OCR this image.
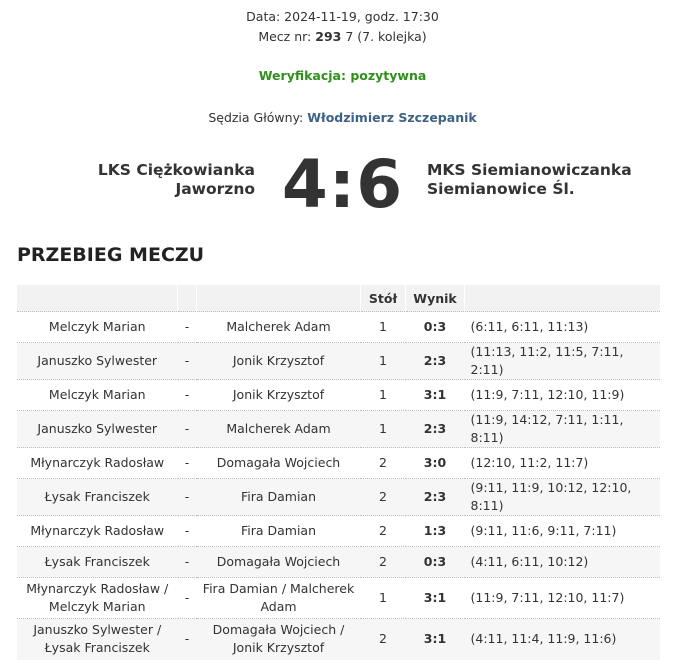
Data: 2024-11-19, godz. 17:30
Mecz nr: 293 7 (7. kolejka)
Weryfikacja: pozytywna
Sędzia Główny: Włodzimierz Szczepanik
LKS Ciężkowianka
Jaworzno 4:6	MKS Siemianowiczanka
Siemianowice Śl.
PRZEBIEG MECZU
			Stół	Wynik	
Melczyk Marian	-	Malcherek Adam	1	0:3	(6:11, 6:11, 11:13)
Januszko Sylwester	-	Jonik Krzysztof	1	2:3	(11:13, 11:2, 11:5, 7:11, 2:11)
Melczyk Marian	-	Jonik Krzysztof	1	3:1	(11:9, 7:11, 12:10, 11:9)
Januszko Sylwester	-	Malcherek Adam	1	2:3	(11:9, 14:12, 7:11, 1:11, 8:11)
Młynarczyk Radosław	-	Domagała Wojciech	2	3:0	(12:10, 11:2, 11:7)
Łysak Franciszek	-	Fira Damian	2	2:3	(9:11, 11:9, 10:12, 12:10, 8:11)
Młynarczyk Radosław	-	Fira Damian	2	1:3	(9:11, 11:6, 9:11, 7:11)
Łysak Franciszek	-	Domagała Wojciech	2	0:3	(4:11, 6:11, 10:12)
Młynarczyk Radosław / Melczyk Marian	-	Fira Damian / Malcherek Adam	1	3:1	(11:9, 7:11, 12:10, 11:7)
Januszko Sylwester / Łysak Franciszek	-	Domagała Wojciech / Jonik Krzysztof	2	3:1	(4:11, 11:4, 11:9, 11:6)
